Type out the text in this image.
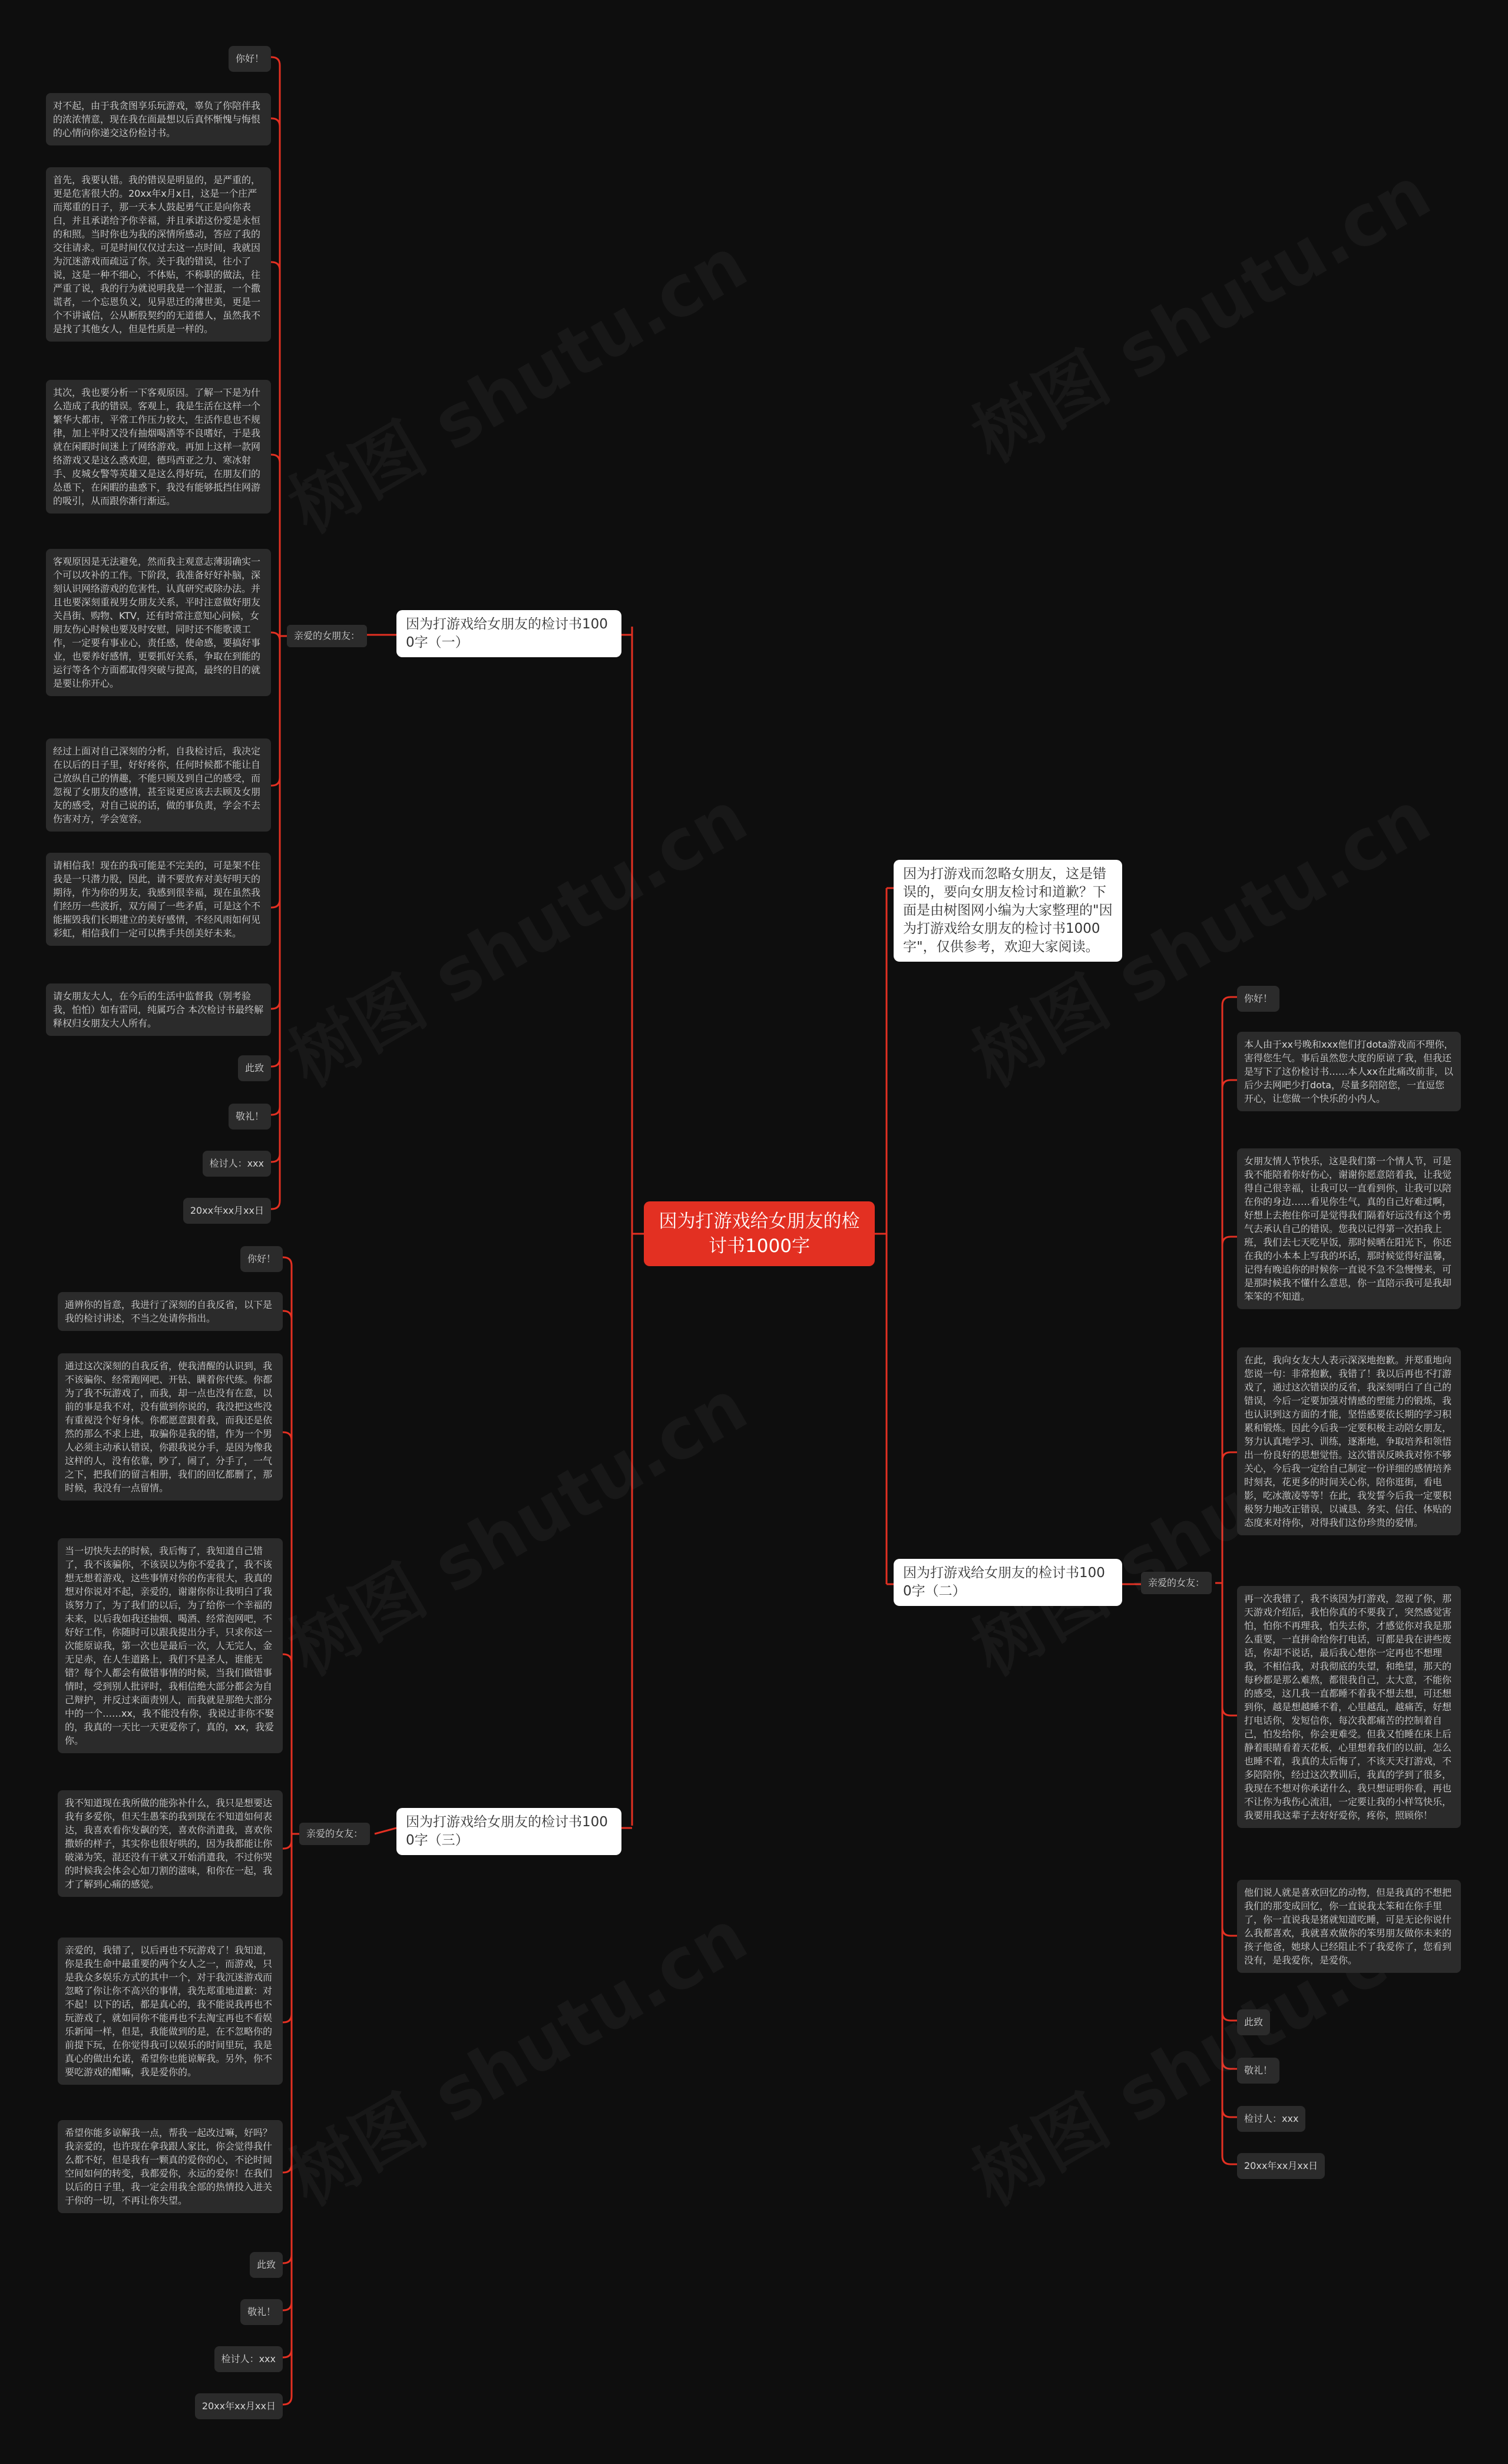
因为打游戏给女朋友的检讨书1000字
因为打游戏而忽略女朋友，这是错误的，要向女朋友检讨和道歉？下面是由树图网小编为大家整理的"因为打游戏给女朋友的检讨书1000字"，仅供参考，欢迎大家阅读。
因为打游戏给女朋友的检讨书1000字（一）
因为打游戏给女朋友的检讨书1000字（二）
因为打游戏给女朋友的检讨书1000字（三）
亲爱的女朋友：
亲爱的女友：
亲爱的女友：
你好！
对不起，由于我贪图享乐玩游戏，辜负了你陪伴我的浓浓情意，现在我在面最想以后真怀惭愧与悔恨的心情向你递交这份检讨书。
首先，我要认错。我的错误是明显的，是严重的，更是危害很大的。20xx年x月x日，这是一个庄严而郑重的日子，那一天本人鼓起勇气正是向你表白，并且承诺给予你幸福，并且承诺这份爱是永恒的和照。当时你也为我的深情所感动，答应了我的交往请求。可是时间仅仅过去这一点时间，我就因为沉迷游戏而疏远了你。关于我的错误，往小了说，这是一种不细心，不体贴，不称职的做法，往严重了说，我的行为就说明我是一个混蛋，一个撒谎者，一个忘恩负义，见异思迁的薄世美，更是一个不讲诚信，公从断股契约的无道德人，虽然我不是找了其他女人，但是性质是一样的。
其次，我也要分析一下客观原因。了解一下是为什么造成了我的错误。客观上，我是生活在这样一个繁华大都市，平常工作压力较大，生活作息也不规律，加上平时又没有抽烟喝酒等不良嗜好，于是我就在闲暇时间迷上了网络游戏。再加上这样一款网络游戏又是这么惑欢迎，德玛西亚之力、寒冰射手、皮城女警等英雄又是这么得好玩，在朋友们的怂恿下，在闲暇的蛊惑下，我没有能够抵挡住网游的吸引，从而跟你渐行渐远。
客观原因是无法避免，然而我主观意志薄弱确实一个可以攻补的工作。下阶段，我准备好好补脑，深刻认识网络游戏的危害性，认真研究戒除办法。并且也要深刻重视男女朋友关系，平时注意做好朋友关昌街、购物、KTV，还有时常注意知心问候，女朋友伤心时候也要及时安慰，同时还不能歌谟工作，一定要有事业心，责任感，使命感，要搞好事业，也要养好感情，更要抓好关系，争取在到能的运行等各个方面都取得突破与提高，最终的目的就是要让你开心。
经过上面对自己深刻的分析，自我检讨后，我决定在以后的日子里，好好疼你，任何时候都不能让自己放纵自己的情趣，不能只顾及到自己的感受，而忽视了女朋友的感情，甚至说更应该去去顾及女朋友的感受，对自己说的话，做的事负责，学会不去伤害对方，学会宽容。
请相信我！现在的我可能是不完美的，可是架不住我是一只潜力股，因此，请不要放弃对美好明天的期待，作为你的男友，我感到很幸福，现在虽然我们经历一些波折，双方闹了一些矛盾，可是这个不能摧毁我们长期建立的美好感情，不经风雨如何见彩虹，相信我们一定可以携手共创美好未来。
请女朋友大人，在今后的生活中监督我（别考验我，怕怕）如有雷同，纯属巧合 本次检讨书最终解释权归女朋友大人所有。
此致
敬礼！
检讨人：xxx
20xx年xx月xx日
你好！
本人由于xx号晚和xxx他们打dota游戏而不理你，害得您生气。事后虽然您大度的原谅了我，但我还是写下了这份检讨书……本人xx在此痛改前非，以后少去网吧少打dota，尽量多陪陪您，一直逗您开心，让您做一个快乐的小内人。
女朋友情人节快乐，这是我们第一个情人节，可是我不能陪着你好伤心，谢谢你愿意陪着我，让我觉得自己很幸福，让我可以一直看到你，让我可以陪在你的身边……看见你生气，真的自己好难过啊，好想上去抱住你可是觉得我们隔着好远没有这个勇气去承认自己的错误。您我以记得第一次拍我上班，我们去七天吃早饭，那时候晒在阳光下，你还在我的小本本上写我的坏话，那时候觉得好温馨，记得有晚追你的时候你一直说不急不急慢慢来，可是那时候我不懂什么意思，你一直陪示我可是我却笨笨的不知道。
在此，我向女友大人表示深深地抱歉。并郑重地向您说一句：非常抱歉，我错了！我以后再也不打游戏了，通过这次错误的反省，我深刻明白了自己的错误，今后一定要加强对情感的塑能力的锻炼，我也认识到这方面的才能，坚悟感要依长期的学习积累和锻炼。因此今后我一定要积极主动陪女朋友，努力认真地学习、训练，逐渐地，争取培养和领悟出一份良好的思想觉悟。这次错误反映我对你不够关心，今后我一定给自己制定一份详细的感情培养时刻表，花更多的时间关心你，陪你逛街，看电影，吃冰激凌等等！在此，我发誓今后我一定要积极努力地改正错误，以诚恳、务实、信任、体贴的态度来对待你，对得我们这份珍贵的爱情。
再一次我错了，我不该因为打游戏，忽视了你，那天游戏介绍后，我怕你真的不要我了，突然感觉害怕，怕你不再理我，怕失去你，才感觉你对我是那么重要，一直拼命给你打电话，可都是我在讲些废话，你却不说话，最后我心想你一定再也不想理我，不相信我，对我彻底的失望，和绝望，那天的每秒都是那么难熬，都很我自己，太大意，不能你的感受，这几我一直都睡不着我不想去想，可还想到你，越是想越睡不着，心里越乱，越痛苦，好想打电话你，发短信你，每次我都痛苦的控制着自己，怕发给你，你会更难受。但我又怕睡在床上后静着眼睛看着天花板，心里想着我们的以前，怎么也睡不着，我真的太后悔了，不该天天打游戏，不多陪陪你，经过这次教训后，我真的学到了很多，我现在不想对你承诺什么，我只想证明你看，再也不让你为我伤心流泪，一定要让我的小样笃快乐，我要用我这辈子去好好爱你，疼你，照顾你！
他们说人就是喜欢回忆的动物，但是我真的不想把我们的那变成回忆，你一直说我太笨和在你手里了，你一直说我是猪就知道吃睡，可是无论你说什么我都喜欢，我就喜欢做你的笨男朋友做你未来的孩子他爸，她球人已经阻止不了我爱你了，您看到没有，是我爱你，是爱你。
此致
敬礼！
检讨人：xxx
20xx年xx月xx日
你好！
通辨你的旨意，我进行了深刻的自我反省，以下是我的检讨讲述，不当之处请你指出。
通过这次深刻的自我反省，使我清醒的认识到，我不该骗你、经常跑网吧、开钻、瞒着你代练。你都为了我不玩游戏了，而我，却一点也没有在意，以前的事是我不对，没有做到你说的，我没把这些没有重视没个好身体。你都愿意跟着我，而我还是依然的那么不求上进，取骗你是我的错，作为一个男人必须主动承认错误，你跟我说分手，是因为像我这样的人，没有依靠，吵了，闹了，分手了，一气之下，把我们的留言相册，我们的回忆都删了，那时候，我没有一点留情。
当一切快失去的时候，我后悔了，我知道自己错了，我不该骗你，不该误以为你不爱我了，我不该想无想着游戏，这些事情对你的伤害很大，我真的想对你说对不起，亲爱的，谢谢你你让我明白了我该努力了，为了我们的以后，为了给你一个幸福的未来，以后我如我还抽烟、喝酒、经常泡网吧，不好好工作，你随时可以跟我提出分手，只求你这一次能原谅我，第一次也是最后一次，人无完人，金无足赤，在人生道路上，我们不是圣人，谁能无错？每个人都会有做错事情的时候，当我们做错事情时，受到别人批评时，我相信绝大部分都会为自己辩护，并反过来面责别人，而我就是那绝大部分中的一个……xx，我不能没有你，我说过非你不娶的，我真的一天比一天更爱你了，真的，xx，我爱你。
我不知道现在我所做的能弥补什么，我只是想要达我有多爱你，但天生愚笨的我到现在不知道如何表达，我喜欢看你发飙的笑，喜欢你消遣我，喜欢你撒娇的样子，其实你也很好哄的，因为我都能让你破涕为笑，混还没有干就又开始消遣我，不过你哭的时候我会体会心如刀割的滋味，和你在一起，我才了解到心痛的感觉。
亲爱的，我错了，以后再也不玩游戏了！我知道，你是我生命中最重要的两个女人之一，而游戏，只是我众多娱乐方式的其中一个，对于我沉迷游戏而忽略了你让你不高兴的事情，我先郑重地道歉：对不起！以下的话，都是真心的，我不能说我再也不玩游戏了，就如同你不能再也不去淘宝再也不看娱乐新闻一样，但是，我能做到的是，在不忽略你的前提下玩，在你觉得我可以娱乐的时间里玩，我是真心的做出允诺，希望你也能谅解我。另外，你不要吃游戏的醋嘛，我是爱你的。
希望你能多谅解我一点，帮我一起改过嘛，好吗？我亲爱的，也许现在拿我跟人家比，你会觉得我什么都不好，但是我有一颗真的爱你的心，不论时间空间如何的转变，我都爱你，永远的爱你！在我们以后的日子里，我一定会用我全部的热情投入进关于你的一切，不再让你失望。
此致
敬礼！
检讨人：xxx
20xx年xx月xx日
